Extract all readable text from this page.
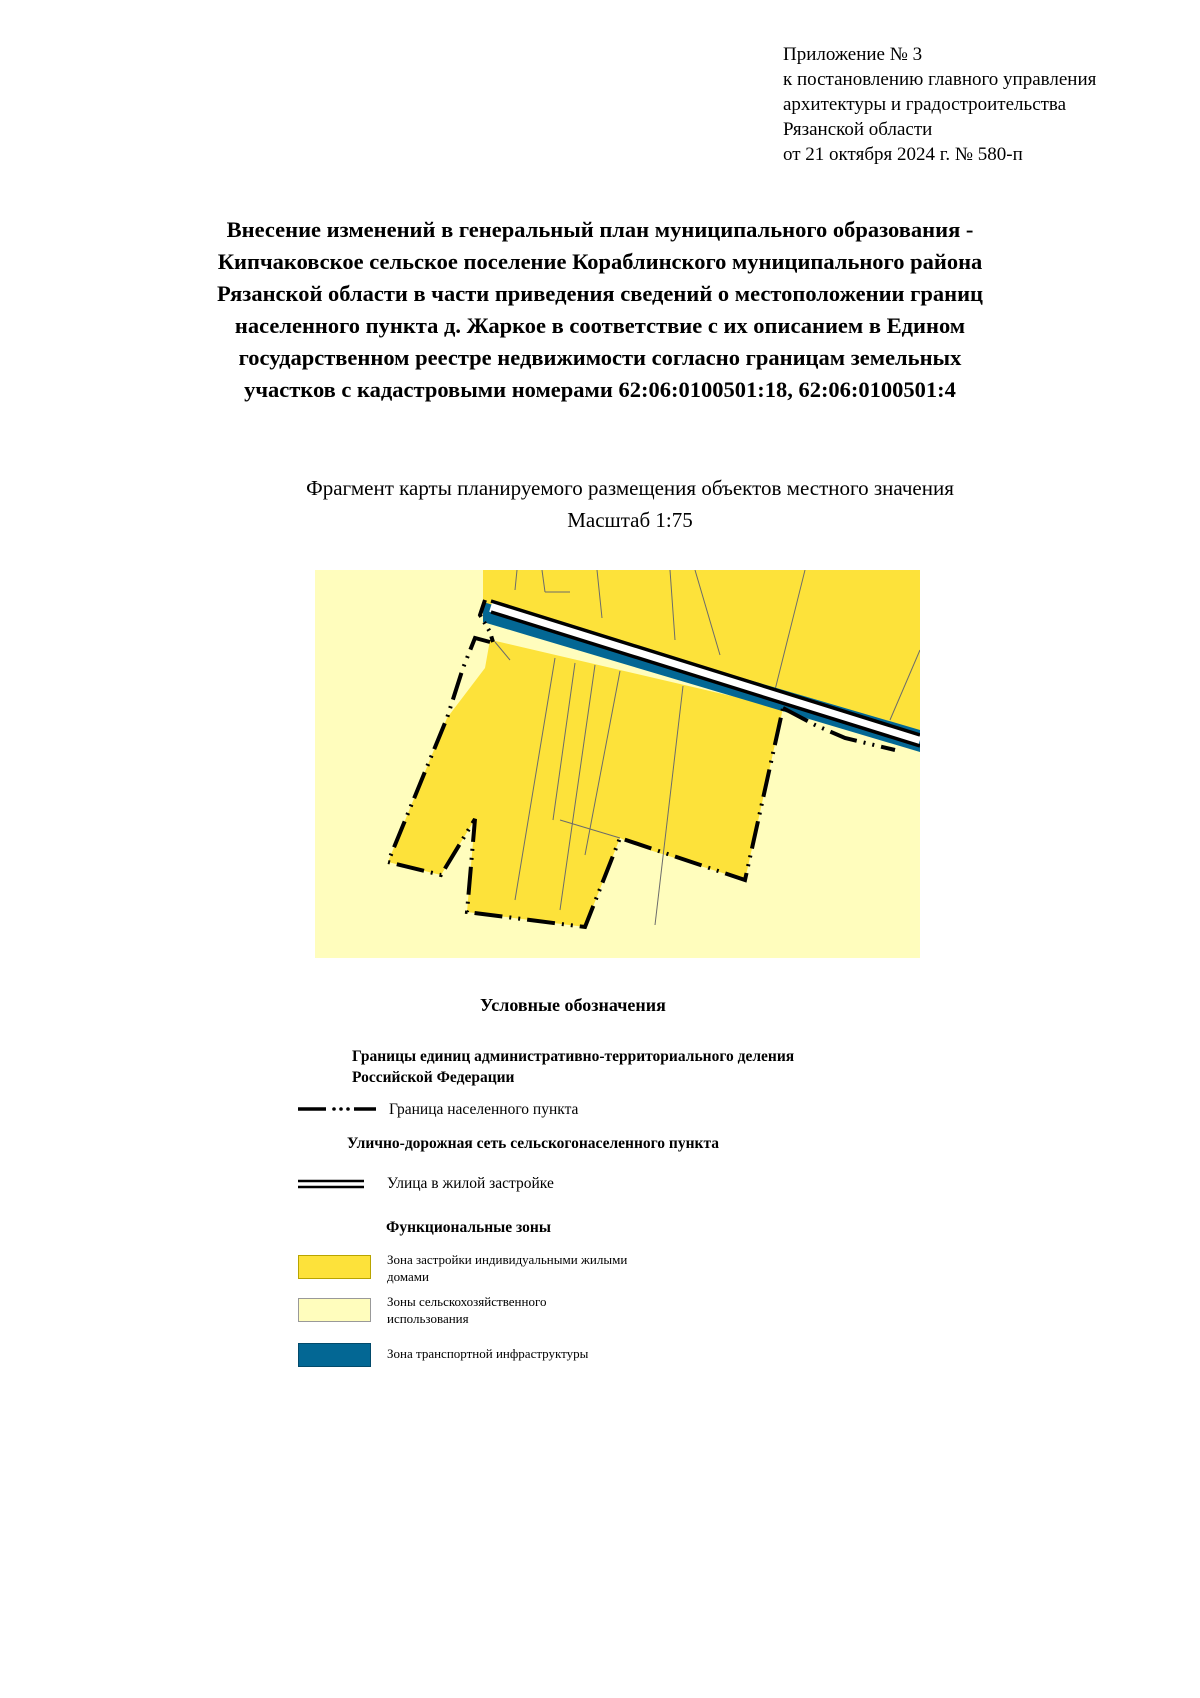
Приложение № 3
к постановлению главного управления
архитектуры и градостроительства
Рязанской области
от 21 октября 2024 г. № 580-п
Внесение изменений в генеральный план муниципального образования -
Кипчаковское сельское поселение Кораблинского муниципального района
Рязанской области в части приведения сведений о местоположении границ
населенного пункта д. Жаркое в соответствие с их описанием в Едином
государственном реестре недвижимости согласно границам земельных
участков с кадастровыми номерами 62:06:0100501:18, 62:06:0100501:4
Фрагмент карты планируемого размещения объектов местного значения
Масштаб 1:75
Условные обозначения
Границы единиц административно-территориального деления Российской Федерации
Граница населенного пункта
Улично-дорожная сеть сельскогонаселенного пункта
Улица в жилой застройке
Функциональные зоны
Зона застройки индивидуальными жилыми домами
Зоны сельскохозяйственного использования
Зона транспортной инфраструктуры
